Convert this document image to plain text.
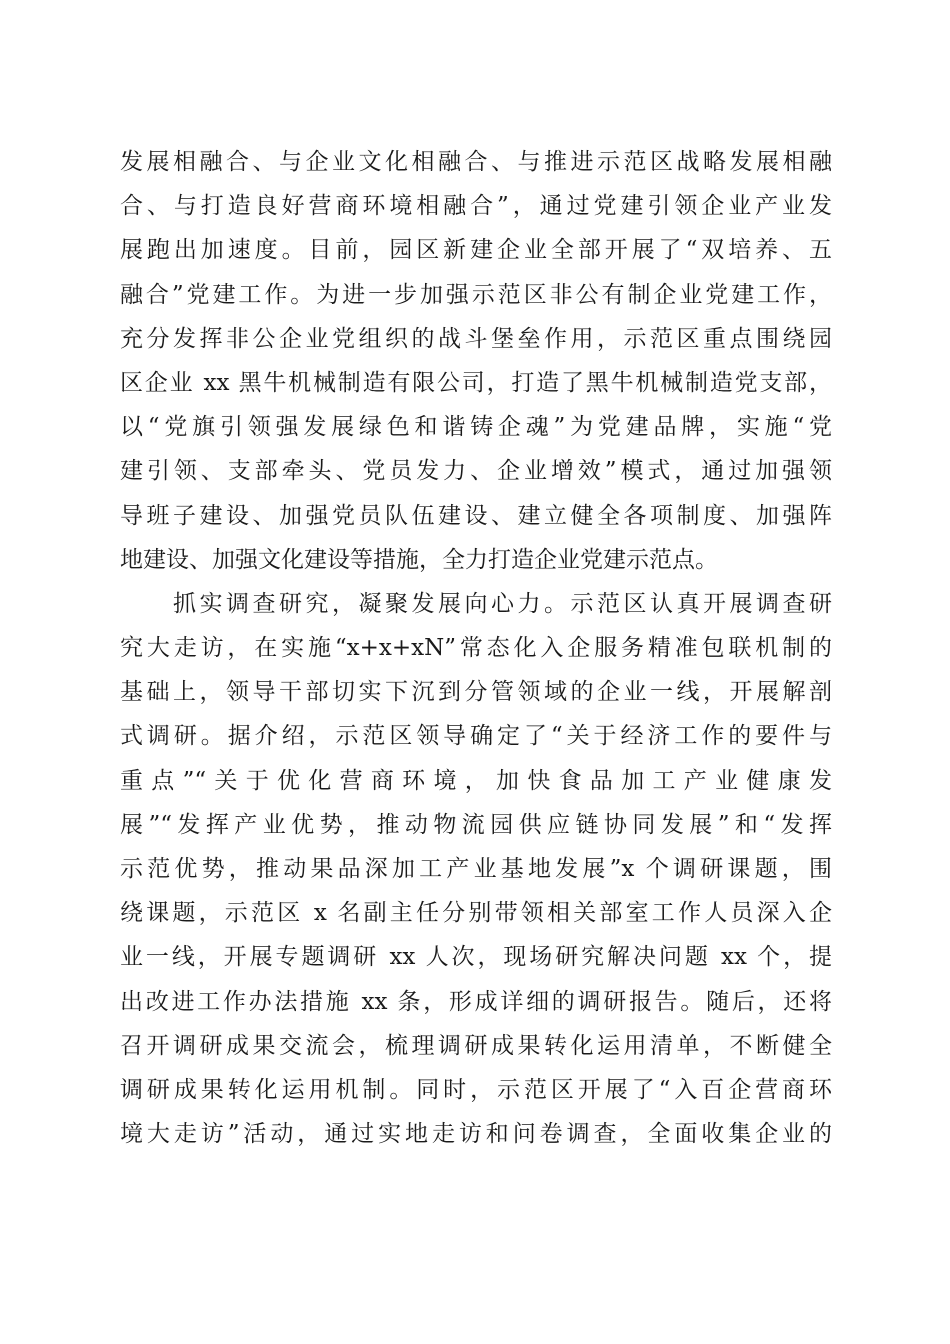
发展相融合、与企业文化相融合、与推进示范区战略发展相融
合、与打造良好营商环境相融合”，通过党建引领企业产业发
展跑出加速度。目前，园区新建企业全部开展了“双培养、五
融合”党建工作。为进一步加强示范区非公有制企业党建工作，
充分发挥非公企业党组织的战斗堡垒作用，示范区重点围绕园
区企业 xx 黑牛机械制造有限公司，打造了黑牛机械制造党支部，
以“党旗引领强发展绿色和谐铸企魂”为党建品牌，实施“党
建引领、支部牵头、党员发力、企业增效”模式，通过加强领
导班子建设、加强党员队伍建设、建立健全各项制度、加强阵
地建设、加强文化建设等措施，全力打造企业党建示范点。
　　抓实调查研究，凝聚发展向心力。示范区认真开展调查研
究大走访，在实施“x+x+xN”常态化入企服务精准包联机制的
基础上，领导干部切实下沉到分管领域的企业一线，开展解剖
式调研。据介绍，示范区领导确定了“关于经济工作的要件与
重点”“关于优化营商环境，加快食品加工产业健康发
展”“发挥产业优势，推动物流园供应链协同发展”和“发挥
示范优势，推动果品深加工产业基地发展”x 个调研课题，围
绕课题，示范区 x 名副主任分别带领相关部室工作人员深入企
业一线，开展专题调研 xx 人次，现场研究解决问题 xx 个，提
出改进工作办法措施 xx 条，形成详细的调研报告。随后，还将
召开调研成果交流会，梳理调研成果转化运用清单，不断健全
调研成果转化运用机制。同时，示范区开展了“入百企营商环
境大走访”活动，通过实地走访和问卷调查，全面收集企业的
